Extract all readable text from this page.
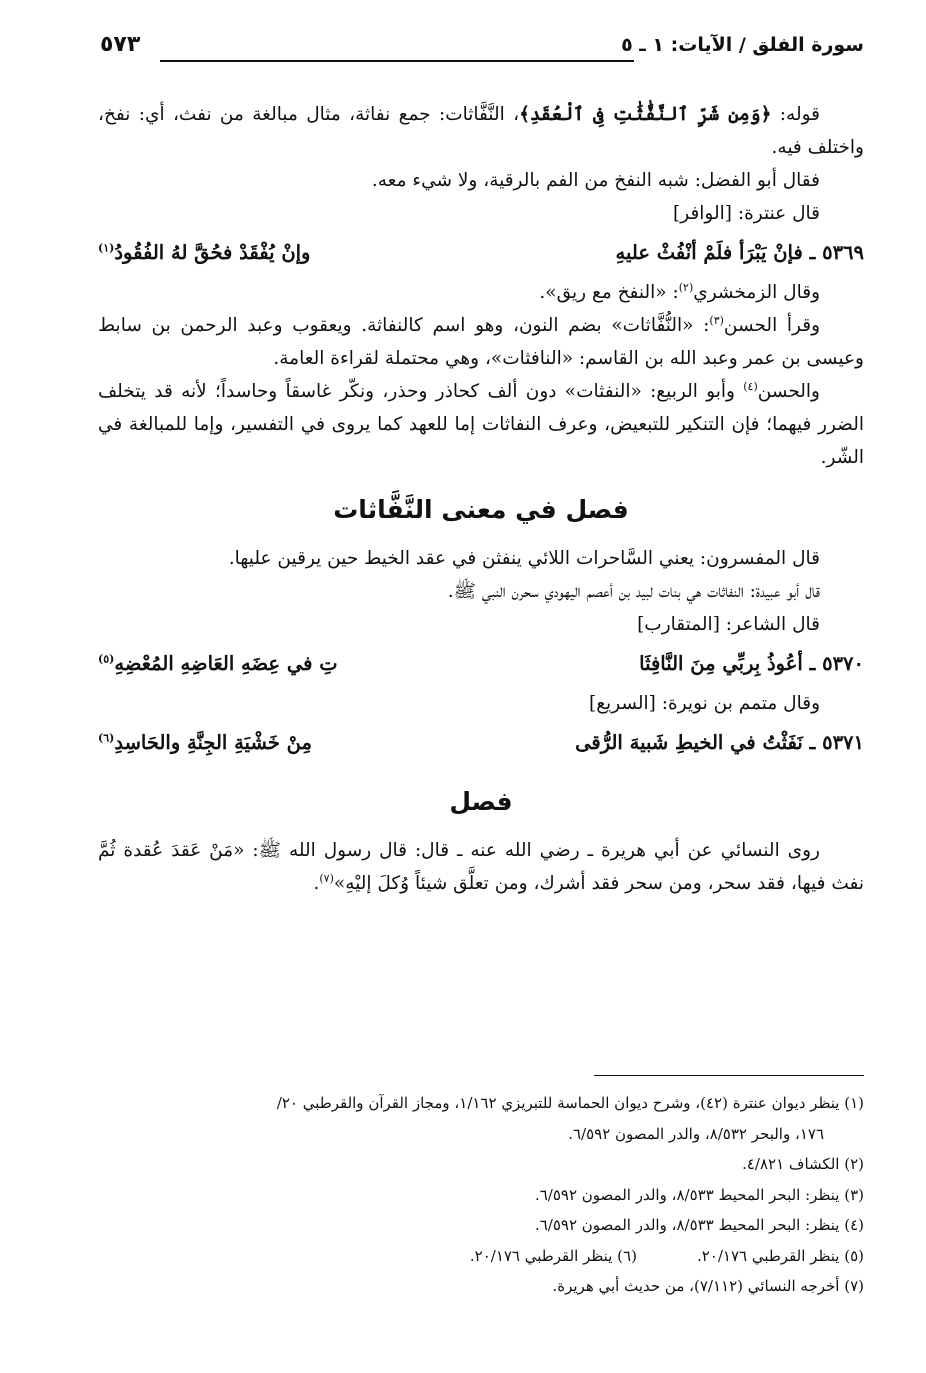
سورة الفلق / الآيات: ١ ـ ٥
٥٧٣

قوله: ﴿وَمِن شَرِّ ٱلنَّفَّٰثَٰتِ فِى ٱلْعُقَدِ﴾، النَّفَّاثات: جمع نفاثة، مثال مبالغة من نفث، أي: نفخ، واختلف فيه.

فقال أبو الفضل: شبه النفخ من الفم بالرقية، ولا شيء معه.

قال عنترة: [الوافر]

٥٣٦٩ ـ فإنْ يَبْرَأ فلَمْ أنْفُثْ عليهِ
وإنْ يُفْقَدْ فحُقَّ لهُ الفُقُودُ$^{(١)}$

وقال الزمخشري$^{(٢)}$: «النفخ مع ريق».

وقرأ الحسن$^{(٣)}$: «النُّفَّاثات» بضم النون، وهو اسم كالنفاثة. ويعقوب وعبد الرحمن بن سابط وعيسى بن عمر وعبد الله بن القاسم: «النافثات»، وهي محتملة لقراءة العامة.

والحسن$^{(٤)}$ وأبو الربيع: «النفثات» دون ألف كحاذر وحذر، ونكّر غاسقاً وحاسداً؛ لأنه قد يتخلف الضرر فيهما؛ فإن التنكير للتبعيض، وعرف النفاثات إما للعهد كما يروى في التفسير، وإما للمبالغة في الشّر.

فصل في معنى النَّفَّاثات

قال المفسرون: يعني السَّاحرات اللائي ينفثن في عقد الخيط حين يرقين عليها.

قال أبو عبيدة: النفاثات هي بنات لبيد بن أعصم اليهودي سحرن النبي ﷺ.

قال الشاعر: [المتقارب]

٥٣٧٠ ـ أعُوذُ بِربِّي مِنَ النَّافِثَا
تِ في عِضَهِ العَاضِهِ المُعْضِهِ$^{(٥)}$

وقال متمم بن نويرة: [السريع]

٥٣٧١ ـ نَفَثْتُ في الخيطِ شَبيهَ الرُّقى
مِنْ خَشْيَةِ الجِنَّةِ والحَاسِدِ$^{(٦)}$
فصل

روى النسائي عن أبي هريرة ـ رضي الله عنه ـ قال: قال رسول الله ﷺ: «مَنْ عَقدَ عُقدة ثُمَّ نفث فيها، فقد سحر، ومن سحر فقد أشرك، ومن تعلَّق شيئاً وُكلَ إليْهِ»$^{(٧)}$.

(١) ينظر ديوان عنترة (٤٢)، وشرح ديوان الحماسة للتبريزي ١/١٦٢، ومجاز القرآن والقرطبي ٢٠/

١٧٦، والبحر ٨/٥٣٢، والدر المصون ٦/٥٩٢.

(٢) الكشاف ٤/٨٢١.

(٣) ينظر: البحر المحيط ٨/٥٣٣، والدر المصون ٦/٥٩٢.

(٤) ينظر: البحر المحيط ٨/٥٣٣، والدر المصون ٦/٥٩٢.

(٥) ينظر القرطبي ٢٠/١٧٦.
(٦) ينظر القرطبي ٢٠/١٧٦.

(٧) أخرجه النسائي (٧/١١٢)، من حديث أبي هريرة.
